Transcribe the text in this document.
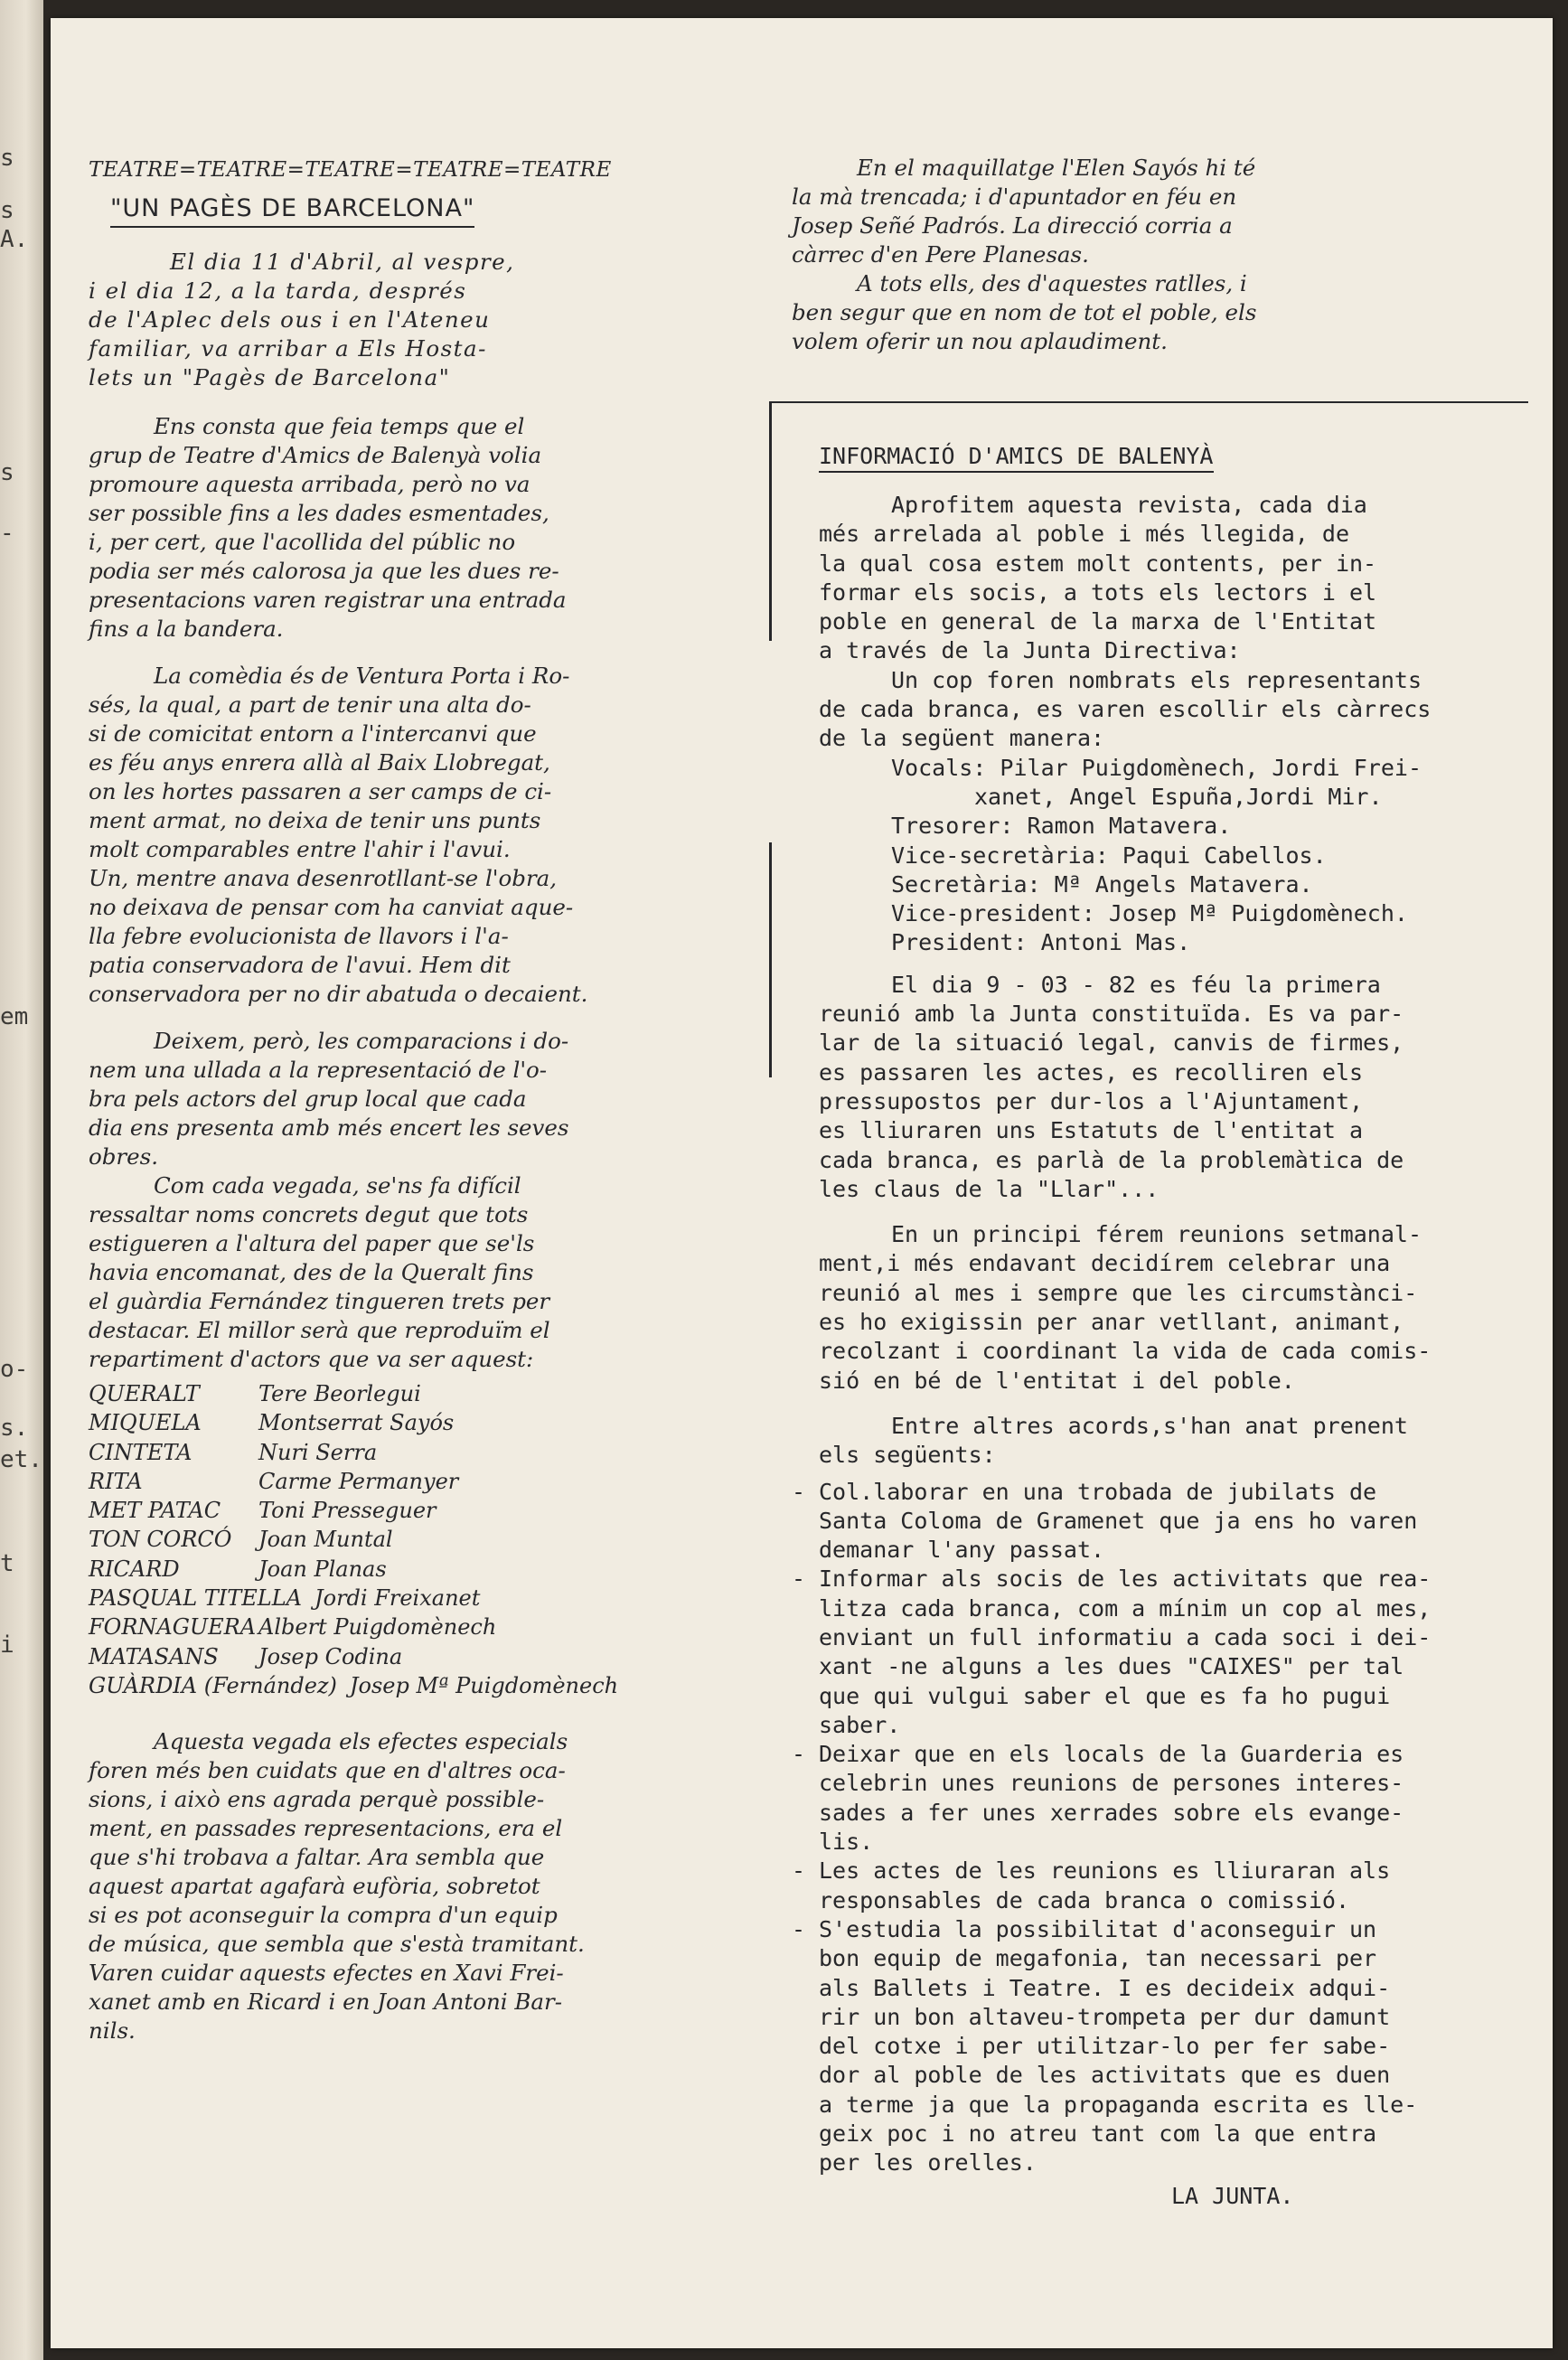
s
s
A.
s
-
em
o-
s.
et.
t
i

TEATRE=TEATRE=TEATRE=TEATRE=TEATRE

"UN PAGÈS DE BARCELONA"

El dia 11 d'Abril, al vespre,

i el dia 12, a la tarda, després

de l'Aplec dels ous i en l'Ateneu

familiar, va arribar a Els Hosta-

lets un "Pagès de Barcelona"

Ens consta que feia temps que el

grup de Teatre d'Amics de Balenyà volia

promoure aquesta arribada, però no va

ser possible fins a les dades esmentades,

i, per cert, que l'acollida del públic no

podia ser més calorosa ja que les dues re-

presentacions varen registrar una entrada

fins a la bandera.

La comèdia és de Ventura Porta i Ro-

sés, la qual, a part de tenir una alta do-

si de comicitat entorn a l'intercanvi que

es féu anys enrera allà al Baix Llobregat,

on les hortes passaren a ser camps de ci-

ment armat, no deixa de tenir uns punts

molt comparables entre l'ahir i l'avui.

Un, mentre anava desenrotllant-se l'obra,

no deixava de pensar com ha canviat aque-

lla febre evolucionista de llavors i l'a-

patia conservadora de l'avui. Hem dit

conservadora per no dir abatuda o decaient.

Deixem, però, les comparacions i do-

nem una ullada a la representació de l'o-

bra pels actors del grup local que cada

dia ens presenta amb més encert les seves

obres.

Com cada vegada, se'ns fa difícil

ressaltar noms concrets degut que tots

estigueren a l'altura del paper que se'ls

havia encomanat, des de la Queralt fins

el guàrdia Fernández tingueren trets per

destacar. El millor serà que reproduïm el

repartiment d'actors que va ser aquest:

QUERALT	Tere Beorlegui
MIQUELA	Montserrat Sayós
CINTETA	Nuri Serra
RITA	Carme Permanyer
MET PATAC	Toni Presseguer
TON CORCÓ	Joan Muntal
RICARD	Joan Planas
PASQUAL TITELLA Jordi Freixanet
FORNAGUERA Albert Puigdomènech
MATASANS	Josep Codina
GUÀRDIA (Fernández) Josep Mª Puigdomènech

Aquesta vegada els efectes especials

foren més ben cuidats que en d'altres oca-

sions, i això ens agrada perquè possible-

ment, en passades representacions, era el

que s'hi trobava a faltar. Ara sembla que

aquest apartat agafarà eufòria, sobretot

si es pot aconseguir la compra d'un equip

de música, que sembla que s'està tramitant.

Varen cuidar aquests efectes en Xavi Frei-

xanet amb en Ricard i en Joan Antoni Bar-

nils.

En el maquillatge l'Elen Sayós hi té

la mà trencada; i d'apuntador en féu en

Josep Señé Padrós. La direcció corria a

càrrec d'en Pere Planesas.

A tots ells, des d'aquestes ratlles, i

ben segur que en nom de tot el poble, els

volem oferir un nou aplaudiment.

INFORMACIÓ D'AMICS DE BALENYÀ

Aprofitem aquesta revista, cada dia

més arrelada al poble i més llegida, de

la qual cosa estem molt contents, per in-

formar els socis, a tots els lectors i el

poble en general de la marxa de l'Entitat

a través de la Junta Directiva:

Un cop foren nombrats els representants

de cada branca, es varen escollir els càrrecs

de la següent manera:

Vocals: Pilar Puigdomènech, Jordi Frei-

xanet, Angel Espuña,Jordi Mir.

Tresorer: Ramon Matavera.

Vice-secretària: Paqui Cabellos.

Secretària: Mª Angels Matavera.

Vice-president: Josep Mª Puigdomènech.

President: Antoni Mas.

El dia 9 - 03 - 82 es féu la primera

reunió amb la Junta constituïda. Es va par-

lar de la situació legal, canvis de firmes,

es passaren les actes, es recolliren els

pressupostos per dur-los a l'Ajuntament,

es lliuraren uns Estatuts de l'entitat a

cada branca, es parlà de la problemàtica de

les claus de la "Llar"...

En un principi férem reunions setmanal-

ment,i més endavant decidírem celebrar una

reunió al mes i sempre que les circumstànci-

es ho exigissin per anar vetllant, animant,

recolzant i coordinant la vida de cada comis-

sió en bé de l'entitat i del poble.

Entre altres acords,s'han anat prenent

els següents:

- Col.laborar en una trobada de jubilats de

Santa Coloma de Gramenet que ja ens ho varen

demanar l'any passat.

- Informar als socis de les activitats que rea-

litza cada branca, com a mínim un cop al mes,

enviant un full informatiu a cada soci i dei-

xant -ne alguns a les dues "CAIXES" per tal

que qui vulgui saber el que es fa ho pugui

saber.

- Deixar que en els locals de la Guarderia es

celebrin unes reunions de persones interes-

sades a fer unes xerrades sobre els evange-

lis.

- Les actes de les reunions es lliuraran als

responsables de cada branca o comissió.

- S'estudia la possibilitat d'aconseguir un

bon equip de megafonia, tan necessari per

als Ballets i Teatre. I es decideix adqui-

rir un bon altaveu-trompeta per dur damunt

del cotxe i per utilitzar-lo per fer sabe-

dor al poble de les activitats que es duen

a terme ja que la propaganda escrita es lle-

geix poc i no atreu tant com la que entra

per les orelles.

LA JUNTA.
